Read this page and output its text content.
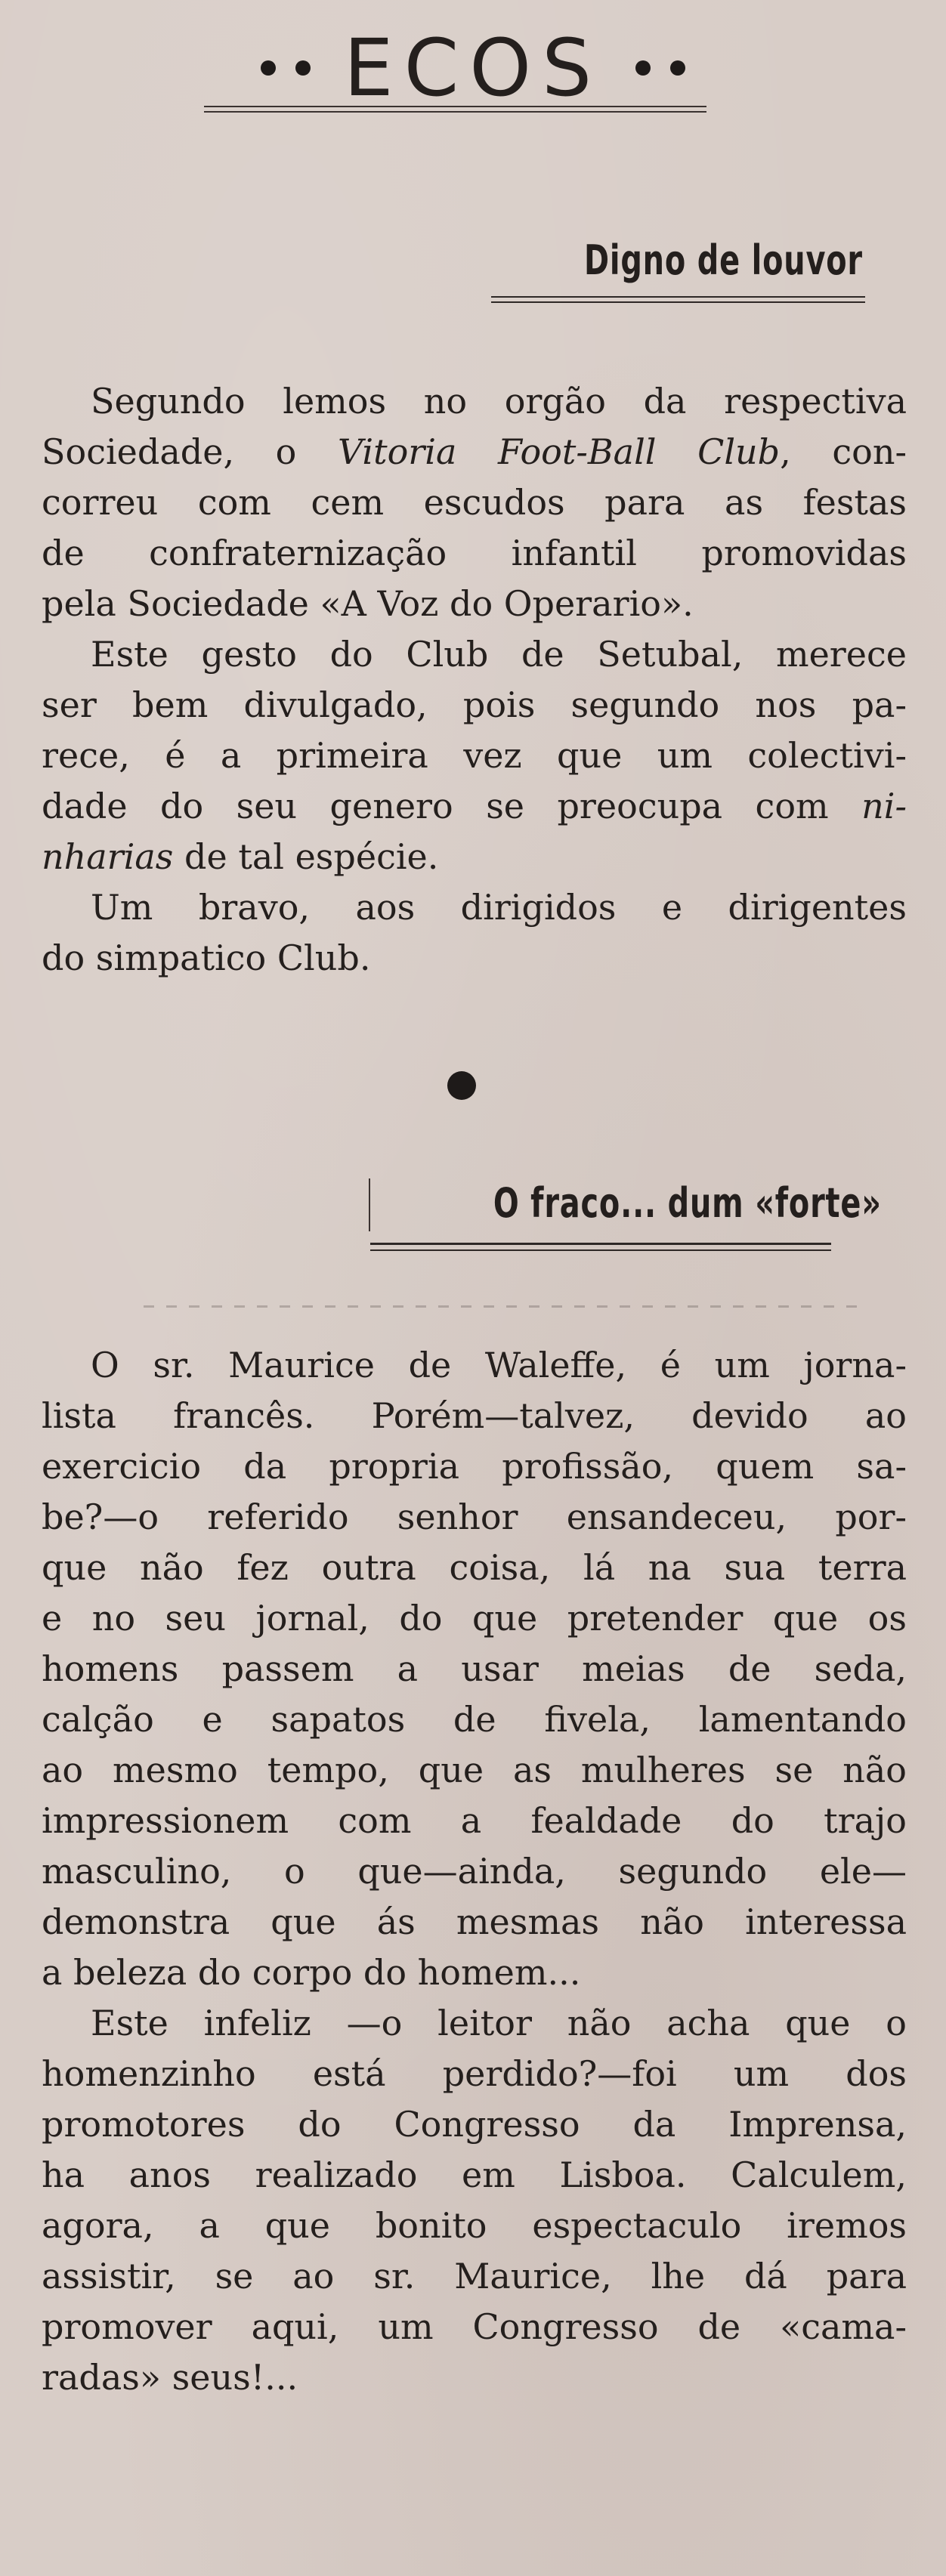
ECOS
Digno de louvor
Segundo lemos no orgão da respectiva
Sociedade, o Vitoria Foot-Ball Club, con-
correu com cem escudos para as festas
de confraternização infantil promovidas
pela Sociedade «A Voz do Operario».
Este gesto do Club de Setubal, merece
ser bem divulgado, pois segundo nos pa-
rece, é a primeira vez que um colectivi-
dade do seu genero se preocupa com ni-
nharias de tal espécie.
Um bravo, aos dirigidos e dirigentes
do simpatico Club.
O fraco... dum «forte»
O sr. Maurice de Waleffe, é um jorna-
lista francês. Porém—talvez, devido ao
exercicio da propria profissão, quem sa-
be?—o referido senhor ensandeceu, por-
que não fez outra coisa, lá na sua terra
e no seu jornal, do que pretender que os
homens passem a usar meias de seda,
calção e sapatos de fivela, lamentando
ao mesmo tempo, que as mulheres se não
impressionem com a fealdade do trajo
masculino, o que—ainda, segundo ele—
demonstra que ás mesmas não interessa
a beleza do corpo do homem...
Este infeliz —o leitor não acha que o
homenzinho está perdido?—foi um dos
promotores do Congresso da Imprensa,
ha anos realizado em Lisboa. Calculem,
agora, a que bonito espectaculo iremos
assistir, se ao sr. Maurice, lhe dá para
promover aqui, um Congresso de «cama-
radas» seus!...
